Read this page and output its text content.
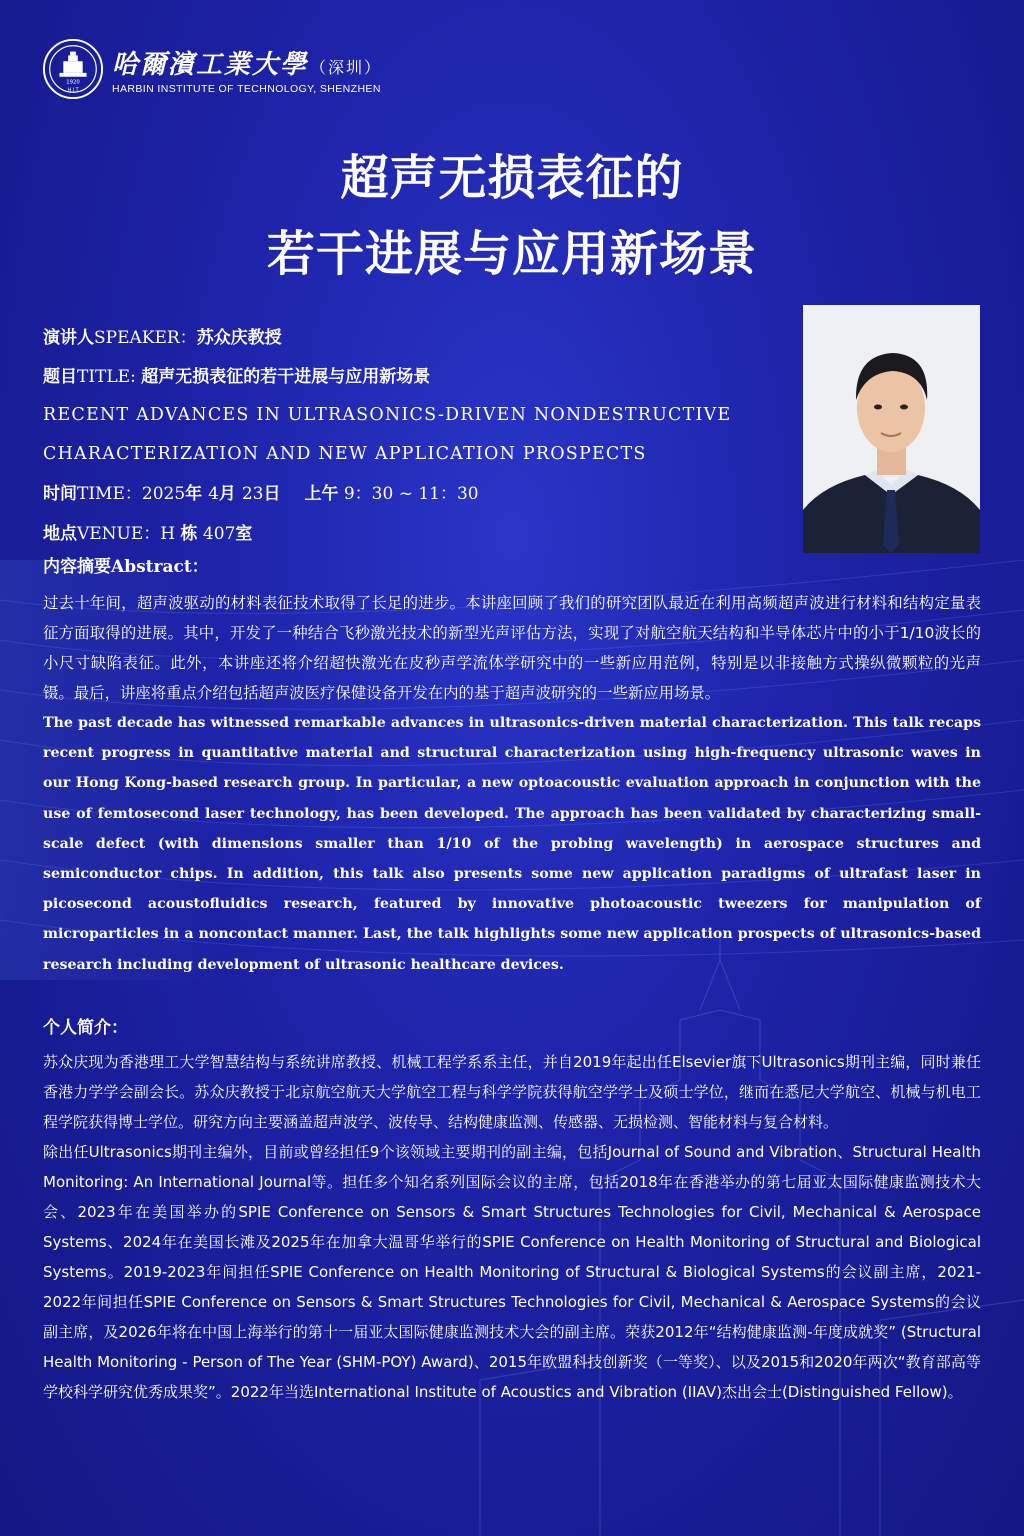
1920
H I T
哈爾濱工業大學 （深圳）
HARBIN INSTITUTE OF TECHNOLOGY, SHENZHEN
超声无损表征的
若干进展与应用新场景
演讲人SPEAKER：苏众庆教授
题目TITLE: 超声无损表征的若干进展与应用新场景
RECENT ADVANCES IN ULTRASONICS-DRIVEN NONDESTRUCTIVE
CHARACTERIZATION AND NEW APPLICATION PROSPECTS
时间TIME：2025年 4月 23日 上午 9：30 ~ 11：30
地点VENUE：H 栋 407室
内容摘要Abstract：

过去十年间，超声波驱动的材料表征技术取得了长足的进步。本讲座回顾了我们的研究团队最近在利用高频超声波进行材料和结构定量表征方面取得的进展。其中，开发了一种结合飞秒激光技术的新型光声评估方法，实现了对航空航天结构和半导体芯片中的小于1/10波长的小尺寸缺陷表征。此外，本讲座还将介绍超快激光在皮秒声学流体学研究中的一些新应用范例，特别是以非接触方式操纵微颗粒的光声镊。最后，讲座将重点介绍包括超声波医疗保健设备开发在内的基于超声波研究的一些新应用场景。

The past decade has witnessed remarkable advances in ultrasonics-driven material characterization. This talk recaps recent progress in quantitative material and structural characterization using high-frequency ultrasonic waves in our Hong Kong-based research group. In particular, a new optoacoustic evaluation approach in conjunction with the use of femtosecond laser technology, has been developed. The approach has been validated by characterizing small-scale defect (with dimensions smaller than 1/10 of the probing wavelength) in aerospace structures and semiconductor chips. In addition, this talk also presents some new application paradigms of ultrafast laser in picosecond acoustofluidics research, featured by innovative photoacoustic tweezers for manipulation of microparticles in a noncontact manner. Last, the talk highlights some new application prospects of ultrasonics-based research including development of ultrasonic healthcare devices.

个人简介：

苏众庆现为香港理工大学智慧结构与系统讲席教授、机械工程学系系主任，并自2019年起出任Elsevier旗下Ultrasonics期刊主编，同时兼任香港力学学会副会长。苏众庆教授于北京航空航天大学航空工程与科学学院获得航空学学士及硕士学位，继而在悉尼大学航空、机械与机电工程学院获得博士学位。研究方向主要涵盖超声波学、波传导、结构健康监测、传感器、无损检测、智能材料与复合材料。

除出任Ultrasonics期刊主编外，目前或曾经担任9个该领域主要期刊的副主编，包括Journal of Sound and Vibration、Structural Health Monitoring: An International Journal等。担任多个知名系列国际会议的主席，包括2018年在香港举办的第七届亚太国际健康监测技术大会、2023年在美国举办的SPIE Conference on Sensors & Smart Structures Technologies for Civil, Mechanical & Aerospace Systems、2024年在美国长滩及2025年在加拿大温哥华举行的SPIE Conference on Health Monitoring of Structural and Biological Systems。2019-2023年间担任SPIE Conference on Health Monitoring of Structural & Biological Systems的会议副主席，2021-2022年间担任SPIE Conference on Sensors & Smart Structures Technologies for Civil, Mechanical & Aerospace Systems的会议副主席，及2026年将在中国上海举行的第十一届亚太国际健康监测技术大会的副主席。荣获2012年“结构健康监测-年度成就奖” (Structural Health Monitoring - Person of The Year (SHM-POY) Award)、2015年欧盟科技创新奖（一等奖）、以及2015和2020年两次“教育部高等学校科学研究优秀成果奖”。2022年当选International Institute of Acoustics and Vibration (IIAV)杰出会士(Distinguished Fellow)。
